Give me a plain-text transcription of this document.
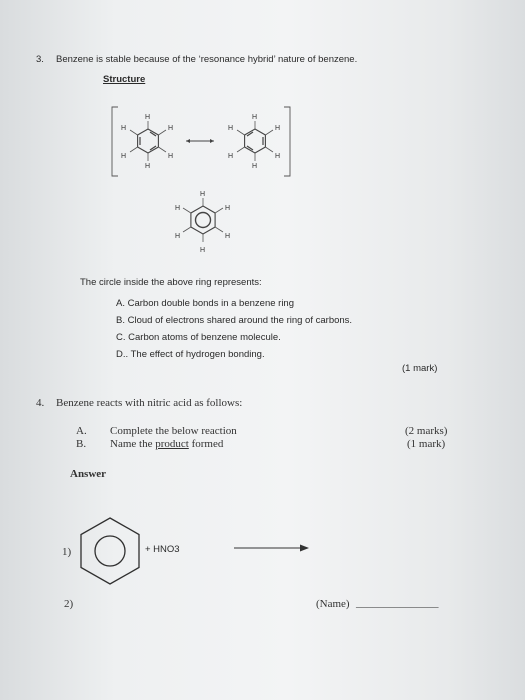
3. Benzene is stable because of the ‘resonance hybrid’ nature of benzene.
Structure
H
H	H
H	H
H
H
H	H
H	H
H
H
H	H
H	H
H
The circle inside the above ring represents:
A. Carbon double bonds in a benzene ring
B. Cloud of electrons shared around the ring of carbons.
C. Carbon atoms of benzene molecule.
D.. The effect of hydrogen bonding.
(1 mark)
4. Benzene reacts with nitric acid as follows:
A. Complete the below reaction	(2 marks)
B. Name the product formed	(1 mark)
Answer
1)	+ HNO3
2)	(Name) _______________
